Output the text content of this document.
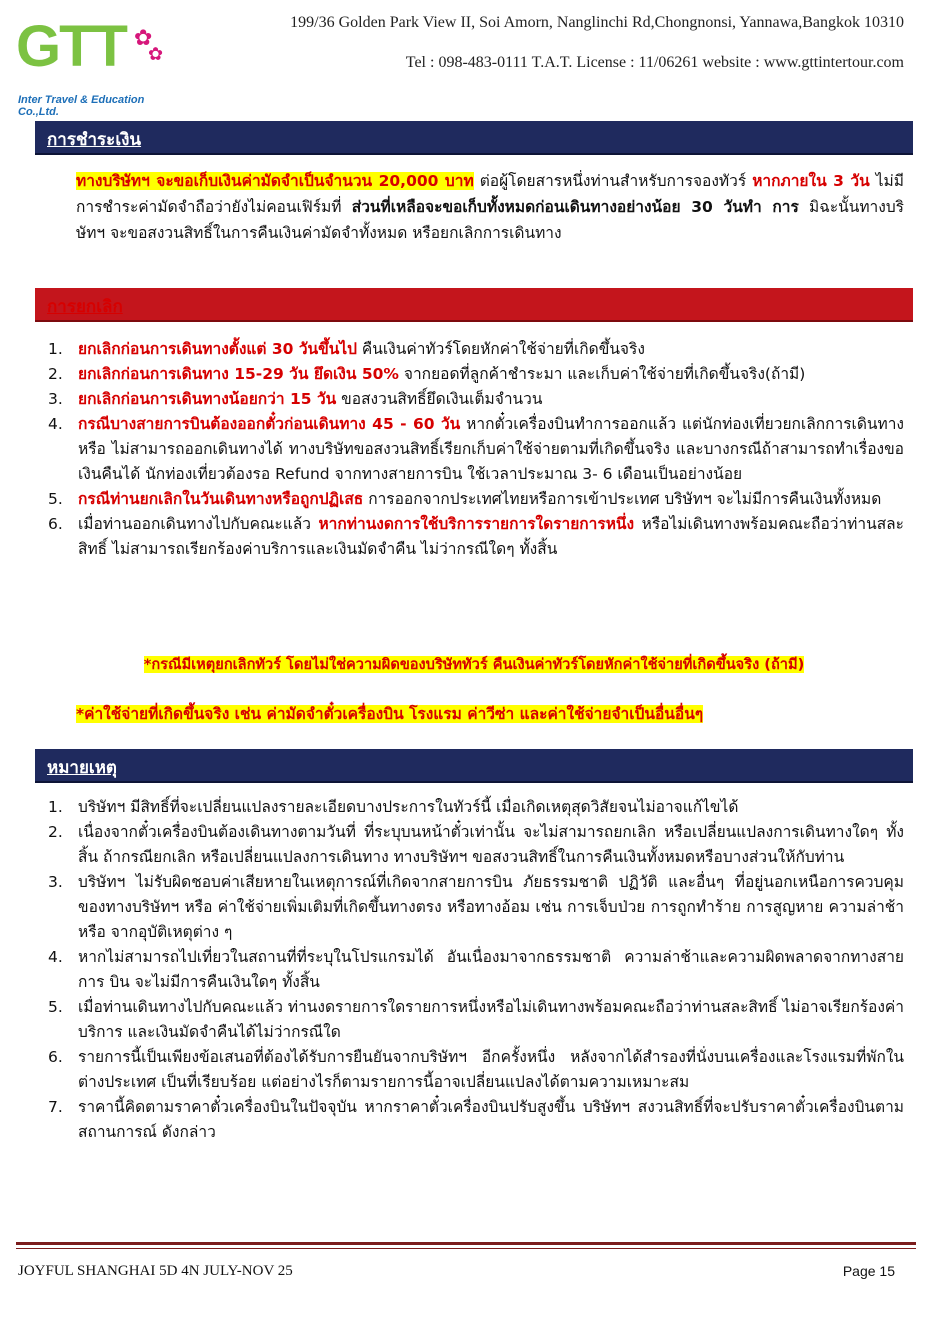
GTT ✿
✿
Inter Travel & Education Co.,Ltd.
199/36 Golden Park View II, Soi Amorn, Nanglinchi Rd,Chongnonsi, Yannawa,Bangkok 10310
Tel : 098-483-0111 T.A.T. License : 11/06261 website : www.gttintertour.com
การชำระเงิน
ทางบริษัทฯ จะขอเก็บเงินค่ามัดจำเป็นจำนวน 20,000 บาท ต่อผู้โดยสารหนึ่งท่านสำหรับการจองทัวร์ หากภายใน 3 วัน ไม่มีการชำระค่ามัดจำถือว่ายังไม่คอนเฟิร์มที่ ส่วนที่เหลือจะขอเก็บทั้งหมดก่อนเดินทางอย่างน้อย 30 วันทำ การ มิฉะนั้นทางบริษัทฯ จะขอสงวนสิทธิ์ในการคืนเงินค่ามัดจำทั้งหมด หรือยกเลิกการเดินทาง
การยกเลิก
1. ยกเลิกก่อนการเดินทางตั้งแต่ 30 วันขึ้นไป คืนเงินค่าทัวร์โดยหักค่าใช้จ่ายที่เกิดขึ้นจริง
2. ยกเลิกก่อนการเดินทาง 15-29 วัน ยึดเงิน 50% จากยอดที่ลูกค้าชำระมา และเก็บค่าใช้จ่ายที่เกิดขึ้นจริง(ถ้ามี)
3. ยกเลิกก่อนการเดินทางน้อยกว่า 15 วัน ขอสงวนสิทธิ์ยึดเงินเต็มจำนวน
4. กรณีบางสายการบินต้องออกตั๋วก่อนเดินทาง 45 - 60 วัน หากตั๋วเครื่องบินทำการออกแล้ว แต่นักท่องเที่ยวยกเลิกการเดินทาง หรือ ไม่สามารถออกเดินทางได้ ทางบริษัทขอสงวนสิทธิ์เรียกเก็บค่าใช้จ่ายตามที่เกิดขึ้นจริง และบางกรณีถ้าสามารถทำเรื่องขอเงินคืนได้ นักท่องเที่ยวต้องรอ Refund จากทางสายการบิน ใช้เวลาประมาณ 3- 6 เดือนเป็นอย่างน้อย
5. กรณีท่านยกเลิกในวันเดินทางหรือถูกปฏิเสธ การออกจากประเทศไทยหรือการเข้าประเทศ บริษัทฯ จะไม่มีการคืนเงินทั้งหมด
6. เมื่อท่านออกเดินทางไปกับคณะแล้ว หากท่านงดการใช้บริการรายการใดรายการหนึ่ง หรือไม่เดินทางพร้อมคณะถือว่าท่านสละสิทธิ์ ไม่สามารถเรียกร้องค่าบริการและเงินมัดจำคืน ไม่ว่ากรณีใดๆ ทั้งสิ้น
*กรณีมีเหตุยกเลิกทัวร์ โดยไม่ใช่ความผิดของบริษัททัวร์ คืนเงินค่าทัวร์โดยหักค่าใช้จ่ายที่เกิดขึ้นจริง (ถ้ามี)
*ค่าใช้จ่ายที่เกิดขึ้นจริง เช่น ค่ามัดจำตั๋วเครื่องบิน โรงแรม ค่าวีซ่า และค่าใช้จ่ายจำเป็นอื่นอื่นๆ
หมายเหตุ
1. บริษัทฯ มีสิทธิ์ที่จะเปลี่ยนแปลงรายละเอียดบางประการในทัวร์นี้ เมื่อเกิดเหตุสุดวิสัยจนไม่อาจแก้ไขได้
2. เนื่องจากตั๋วเครื่องบินต้องเดินทางตามวันที่ ที่ระบุบนหน้าตั๋วเท่านั้น จะไม่สามารถยกเลิก หรือเปลี่ยนแปลงการเดินทางใดๆ ทั้งสิ้น ถ้ากรณียกเลิก หรือเปลี่ยนแปลงการเดินทาง ทางบริษัทฯ ขอสงวนสิทธิ์ในการคืนเงินทั้งหมดหรือบางส่วนให้กับท่าน
3. บริษัทฯ ไม่รับผิดชอบค่าเสียหายในเหตุการณ์ที่เกิดจากสายการบิน ภัยธรรมชาติ ปฏิวัติ และอื่นๆ ที่อยู่นอกเหนือการควบคุม ของทางบริษัทฯ หรือ ค่าใช้จ่ายเพิ่มเติมที่เกิดขึ้นทางตรง หรือทางอ้อม เช่น การเจ็บป่วย การถูกทำร้าย การสูญหาย ความล่าช้า หรือ จากอุบัติเหตุต่าง ๆ
4. หากไม่สามารถไปเที่ยวในสถานที่ที่ระบุในโปรแกรมได้ อันเนื่องมาจากธรรมชาติ ความล่าช้าและความผิดพลาดจากทางสายการ บิน จะไม่มีการคืนเงินใดๆ ทั้งสิ้น
5. เมื่อท่านเดินทางไปกับคณะแล้ว ท่านงดรายการใดรายการหนึ่งหรือไม่เดินทางพร้อมคณะถือว่าท่านสละสิทธิ์ ไม่อาจเรียกร้องค่าบริการ และเงินมัดจำคืนได้ไม่ว่ากรณีใด
6. รายการนี้เป็นเพียงข้อเสนอที่ต้องได้รับการยืนยันจากบริษัทฯ อีกครั้งหนึ่ง หลังจากได้สำรองที่นั่งบนเครื่องและโรงแรมที่พักในต่างประเทศ เป็นที่เรียบร้อย แต่อย่างไรก็ตามรายการนี้อาจเปลี่ยนแปลงได้ตามความเหมาะสม
7. ราคานี้คิดตามราคาตั๋วเครื่องบินในปัจจุบัน หากราคาตั๋วเครื่องบินปรับสูงขึ้น บริษัทฯ สงวนสิทธิ์ที่จะปรับราคาตั๋วเครื่องบินตาม สถานการณ์ ดังกล่าว
JOYFUL SHANGHAI 5D 4N JULY-NOV 25	Page 15
